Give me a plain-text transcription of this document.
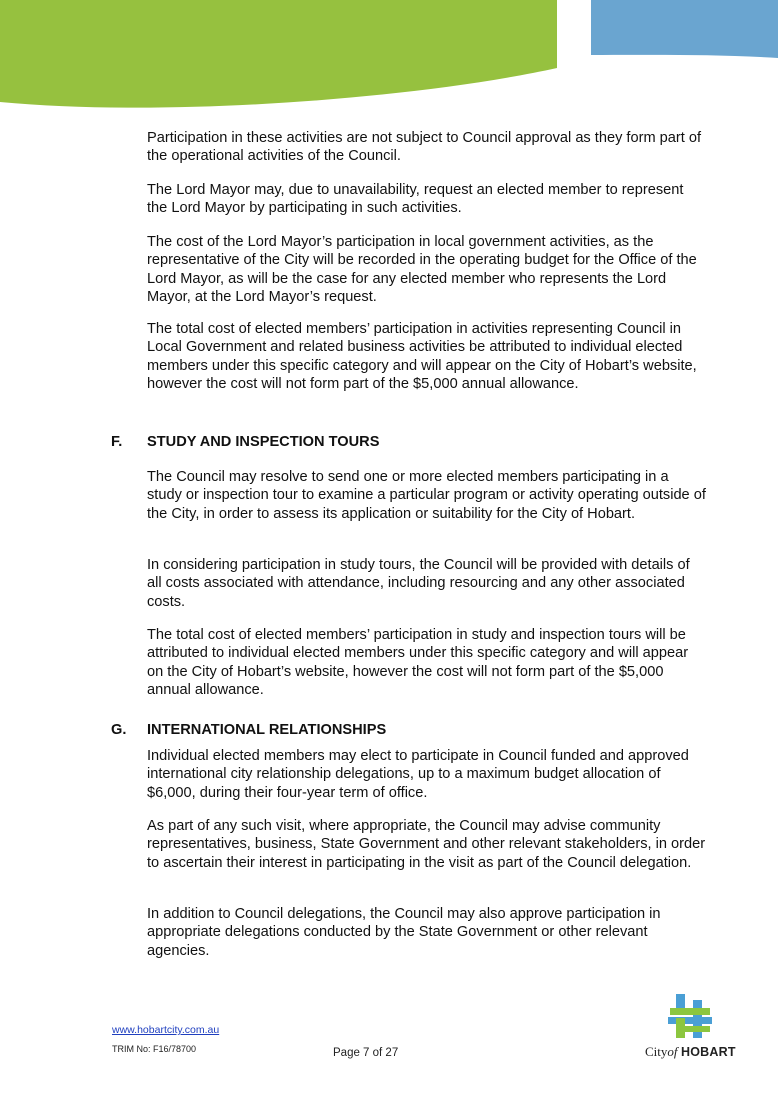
Participation in these activities are not subject to Council approval as they form part of the operational activities of the Council.

The Lord Mayor may, due to unavailability, request an elected member to represent the Lord Mayor by participating in such activities.

The cost of the Lord Mayor’s participation in local government activities, as the representative of the City will be recorded in the operating budget for the Office of the Lord Mayor, as will be the case for any elected member who represents the Lord Mayor, at the Lord Mayor’s request.

The total cost of elected members’ participation in activities representing Council in Local Government and related business activities be attributed to individual elected members under this specific category and will appear on the City of Hobart’s website, however the cost will not form part of the $5,000 annual allowance.

F. STUDY AND INSPECTION TOURS

The Council may resolve to send one or more elected members participating in a study or inspection tour to examine a particular program or activity operating outside of the City, in order to assess its application or suitability for the City of Hobart.

In considering participation in study tours, the Council will be provided with details of all costs associated with attendance, including resourcing and any other associated costs.

The total cost of elected members’ participation in study and inspection tours will be attributed to individual elected members under this specific category and will appear on the City of Hobart’s website, however the cost will not form part of the $5,000 annual allowance.

G. INTERNATIONAL RELATIONSHIPS

Individual elected members may elect to participate in Council funded and approved international city relationship delegations, up to a maximum budget allocation of $6,000, during their four-year term of office.

As part of any such visit, where appropriate, the Council may advise community representatives, business, State Government and other relevant stakeholders, in order to ascertain their interest in participating in the visit as part of the Council delegation.

In addition to Council delegations, the Council may also approve participation in appropriate delegations conducted by the State Government or other relevant agencies.

www.hobartcity.com.au
TRIM No: F16/78700	Page 7 of 27	Cityof HOBART
